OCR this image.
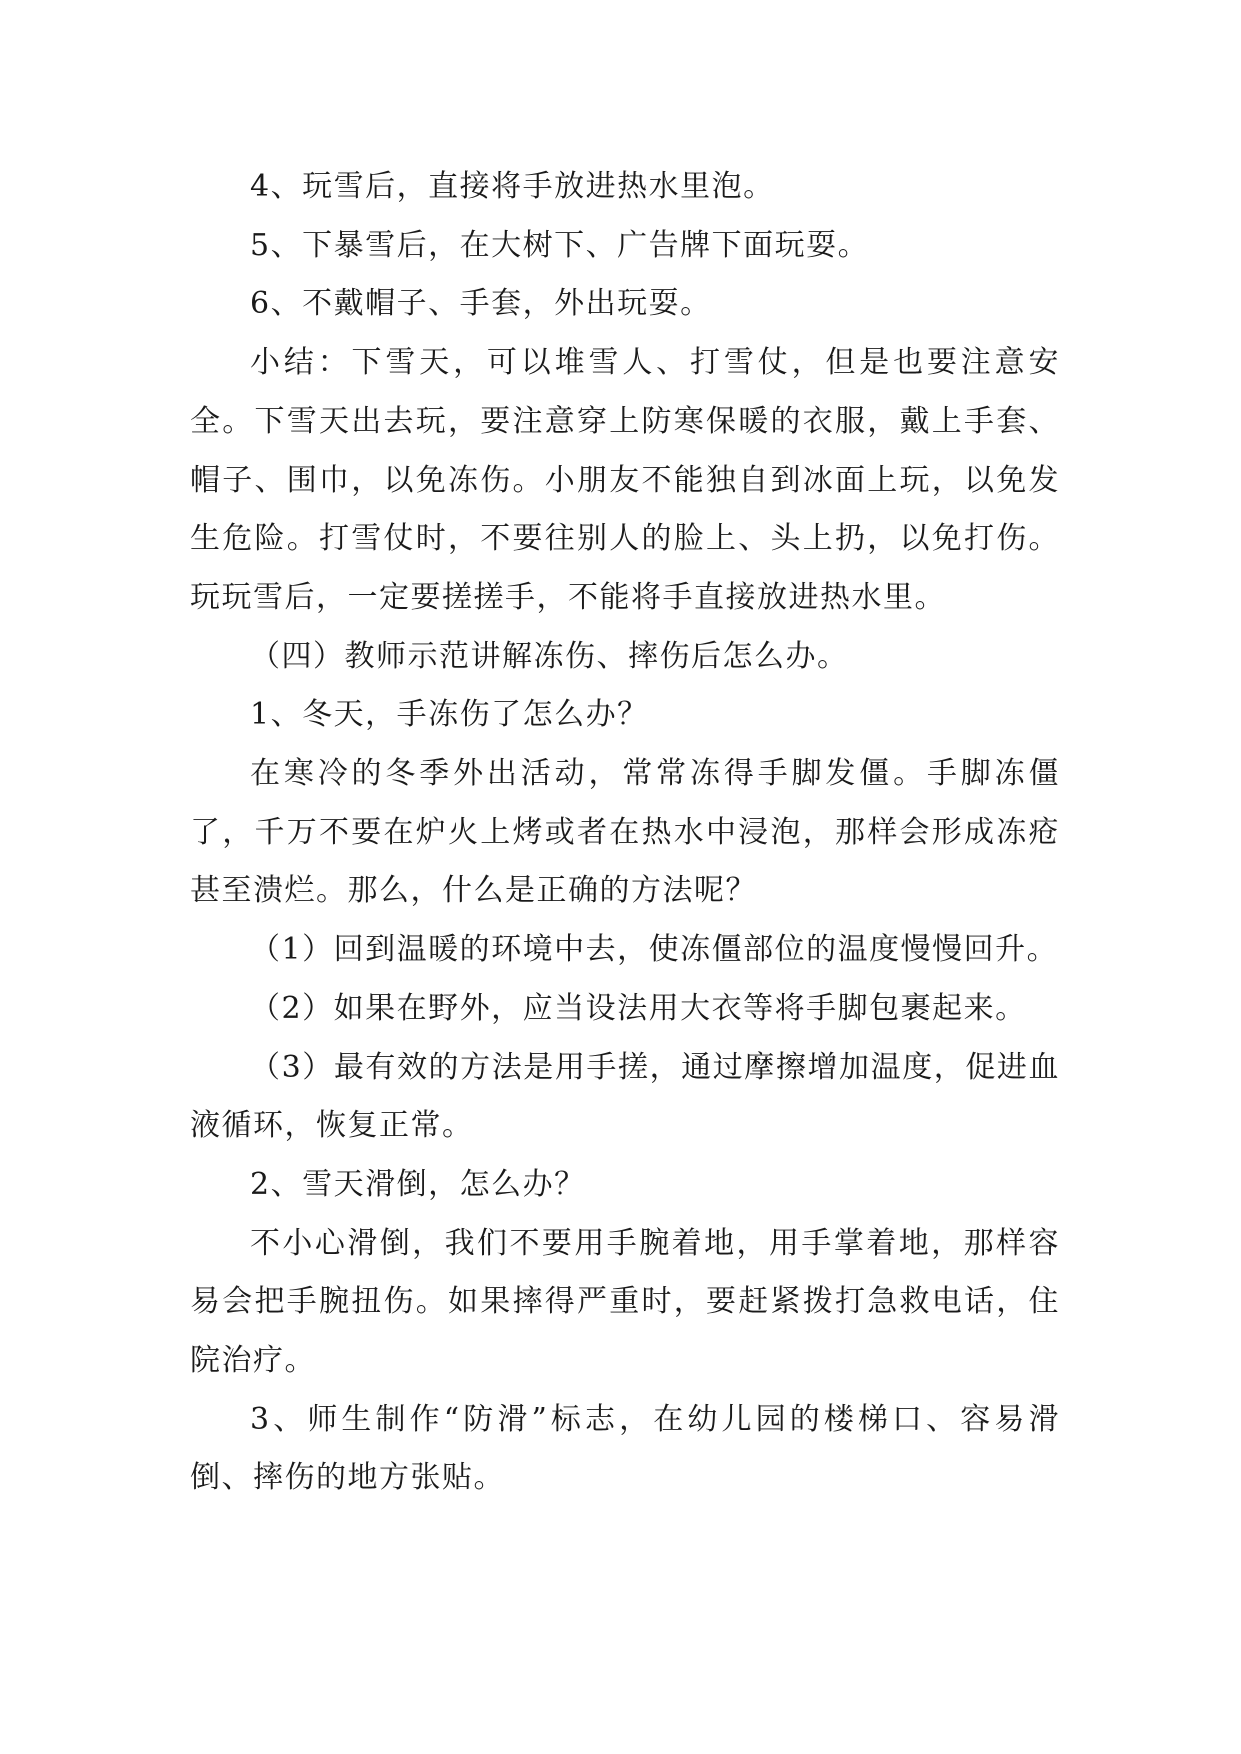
4、玩雪后，直接将手放进热水里泡。

5、下暴雪后，在大树下、广告牌下面玩耍。

6、不戴帽子、手套，外出玩耍。

小结：下雪天，可以堆雪人、打雪仗，但是也要注意安全。下雪天出去玩，要注意穿上防寒保暖的衣服，戴上手套、帽子、围巾，以免冻伤。小朋友不能独自到冰面上玩，以免发生危险。打雪仗时，不要往别人的脸上、头上扔，以免打伤。玩玩雪后，一定要搓搓手，不能将手直接放进热水里。

（四）教师示范讲解冻伤、摔伤后怎么办。

1、冬天，手冻伤了怎么办？

在寒冷的冬季外出活动，常常冻得手脚发僵。手脚冻僵了，千万不要在炉火上烤或者在热水中浸泡，那样会形成冻疮甚至溃烂。那么，什么是正确的方法呢？

（1）回到温暖的环境中去，使冻僵部位的温度慢慢回升。

（2）如果在野外，应当设法用大衣等将手脚包裹起来。

（3）最有效的方法是用手搓，通过摩擦增加温度，促进血液循环，恢复正常。

2、雪天滑倒，怎么办？

不小心滑倒，我们不要用手腕着地，用手掌着地，那样容易会把手腕扭伤。如果摔得严重时，要赶紧拨打急救电话，住院治疗。

3、师生制作“防滑”标志，在幼儿园的楼梯口、容易滑倒、摔伤的地方张贴。
